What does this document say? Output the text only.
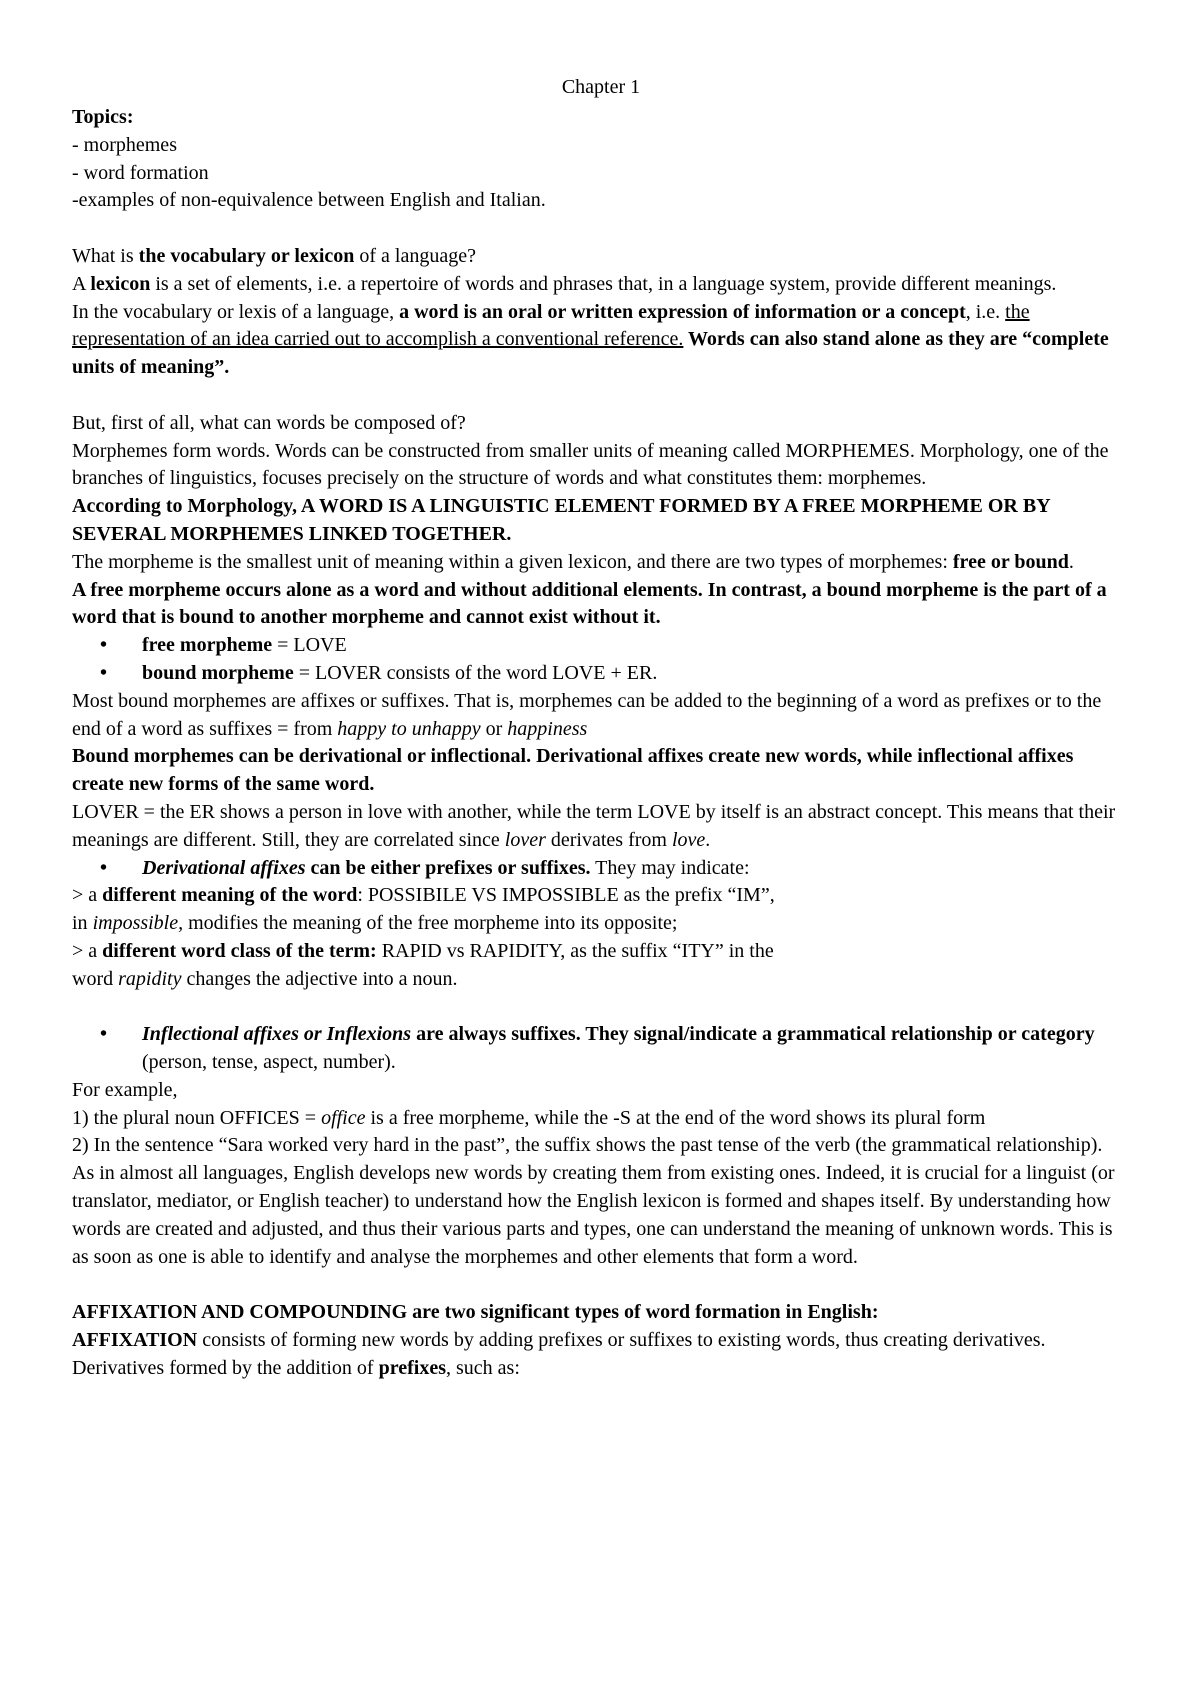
Chapter 1

Topics:

- morphemes

- word formation

-examples of non-equivalence between English and Italian.

What is the vocabulary or lexicon of a language?

A lexicon is a set of elements, i.e. a repertoire of words and phrases that, in a language system, provide different meanings.

In the vocabulary or lexis of a language, a word is an oral or written expression of information or a concept, i.e. the representation of an idea carried out to accomplish a conventional reference. Words can also stand alone as they are “complete units of meaning”.

But, first of all, what can words be composed of?

Morphemes form words. Words can be constructed from smaller units of meaning called MORPHEMES. Morphology, one of the branches of linguistics, focuses precisely on the structure of words and what constitutes them: morphemes.

According to Morphology, A WORD IS A LINGUISTIC ELEMENT FORMED BY A FREE MORPHEME OR BY SEVERAL MORPHEMES LINKED TOGETHER.

The morpheme is the smallest unit of meaning within a given lexicon, and there are two types of morphemes: free or bound.

A free morpheme occurs alone as a word and without additional elements. In contrast, a bound morpheme is the part of a word that is bound to another morpheme and cannot exist without it.

• free morpheme = LOVE
• bound morpheme = LOVER consists of the word LOVE + ER.

Most bound morphemes are affixes or suffixes. That is, morphemes can be added to the beginning of a word as prefixes or to the end of a word as suffixes = from happy to unhappy or happiness

Bound morphemes can be derivational or inflectional. Derivational affixes create new words, while inflectional affixes create new forms of the same word.

LOVER = the ER shows a person in love with another, while the term LOVE by itself is an abstract concept. This means that their meanings are different. Still, they are correlated since lover derivates from love.

• Derivational affixes can be either prefixes or suffixes. They may indicate:

> a different meaning of the word: POSSIBILE VS IMPOSSIBLE as the prefix “IM”,

in impossible, modifies the meaning of the free morpheme into its opposite;

> a different word class of the term: RAPID vs RAPIDITY, as the suffix “ITY” in the

word rapidity changes the adjective into a noun.

• Inflectional affixes or Inflexions are always suffixes. They signal/indicate a grammatical relationship or category (person, tense, aspect, number).

For example,

1) the plural noun OFFICES = office is a free morpheme, while the -S at the end of the word shows its plural form

2) In the sentence “Sara worked very hard in the past”, the suffix shows the past tense of the verb (the grammatical relationship).

As in almost all languages, English develops new words by creating them from existing ones. Indeed, it is crucial for a linguist (or translator, mediator, or English teacher) to understand how the English lexicon is formed and shapes itself. By understanding how words are created and adjusted, and thus their various parts and types, one can understand the meaning of unknown words. This is as soon as one is able to identify and analyse the morphemes and other elements that form a word.

AFFIXATION AND COMPOUNDING are two significant types of word formation in English:

AFFIXATION consists of forming new words by adding prefixes or suffixes to existing words, thus creating derivatives.

Derivatives formed by the addition of prefixes, such as:
